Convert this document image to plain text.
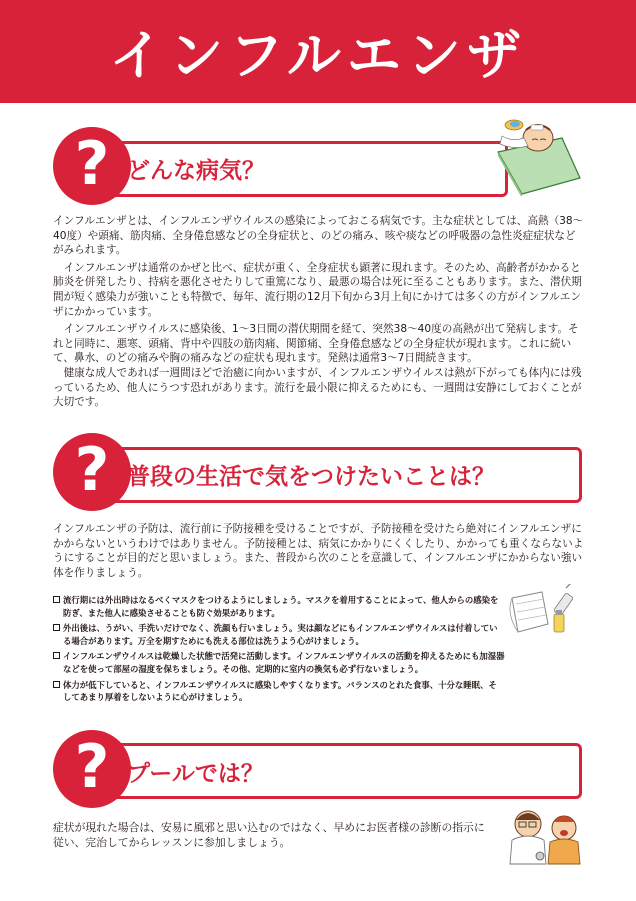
インフルエンザ
? どんな病気？

インフルエンザとは、インフルエンザウイルスの感染によっておこる病気です。主な症状としては、高熱（38～40度）や頭痛、筋肉痛、全身倦怠感などの全身症状と、のどの痛み、咳や痰などの呼吸器の急性炎症症状などがみられます。

インフルエンザは通常のかぜと比べ、症状が重く、全身症状も顕著に現れます。そのため、高齢者がかかると肺炎を併発したり、持病を悪化させたりして重篤になり、最悪の場合は死に至ることもあります。また、潜伏期間が短く感染力が強いことも特徴で、毎年、流行期の12月下旬から3月上旬にかけては多くの方がインフルエンザにかかっています。

インフルエンザウイルスに感染後、1～3日間の潜伏期間を経て、突然38～40度の高熱が出て発病します。それと同時に、悪寒、頭痛、背中や四肢の筋肉痛、関節痛、全身倦怠感などの全身症状が現れます。これに続いて、鼻水、のどの痛みや胸の痛みなどの症状も現れます。発熱は通常3～7日間続きます。

健康な成人であれば一週間ほどで治癒に向かいますが、インフルエンザウイルスは熱が下がっても体内には残っているため、他人にうつす恐れがあります。流行を最小限に抑えるためにも、一週間は安静にしておくことが大切です。

? 普段の生活で気をつけたいことは？

インフルエンザの予防は、流行前に予防接種を受けることですが、予防接種を受けたら絶対にインフルエンザにかからないというわけではありません。予防接種とは、病気にかかりにくくしたり、かかっても重くならないようにすることが目的だと思いましょう。また、普段から次のことを意識して、インフルエンザにかからない強い体を作りましょう。

流行期には外出時はなるべくマスクをつけるようにしましょう。マスクを着用することによって、他人からの感染を防ぎ、また他人に感染させることも防ぐ効果があります。
外出後は、うがい、手洗いだけでなく、洗顔も行いましょう。実は顔などにもインフルエンザウイルスは付着している場合があります。万全を期すためにも洗える部位は洗うよう心がけましょう。
インフルエンザウイルスは乾燥した状態で活発に活動します。インフルエンザウイルスの活動を抑えるためにも加湿器などを使って部屋の湿度を保ちましょう。その他、定期的に室内の換気も必ず行ないましょう。
体力が低下していると、インフルエンザウイルスに感染しやすくなります。バランスのとれた食事、十分な睡眠、そしてあまり厚着をしないように心がけましょう。
? プールでは？

症状が現れた場合は、安易に風邪と思い込むのではなく、早めにお医者様の診断の指示に従い、完治してからレッスンに参加しましょう。
